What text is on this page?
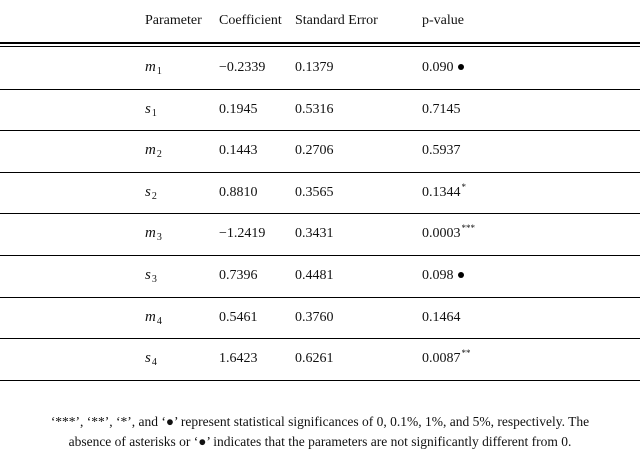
Parameter Coefficient Standard Error	p-value
$m_1$	−0.2339 0.1379	0.090
$s_1$	0.1945	0.5316	0.7145
$m_2$	0.1443	0.2706	0.5937
$s_2$	0.8810	0.3565	0.1344*
$m_3$	−1.2419 0.3431	0.0003***
$s_3$	0.7396	0.4481	0.098
$m_4$	0.5461	0.3760	0.1464
$s_4$	1.6423	0.6261	0.0087**
‘***’, ‘**’, ‘*’, and ‘●’ represent statistical significances of 0, 0.1%, 1%, and 5%, respectively. The
absence of asterisks or ‘●’ indicates that the parameters are not significantly different from 0.
